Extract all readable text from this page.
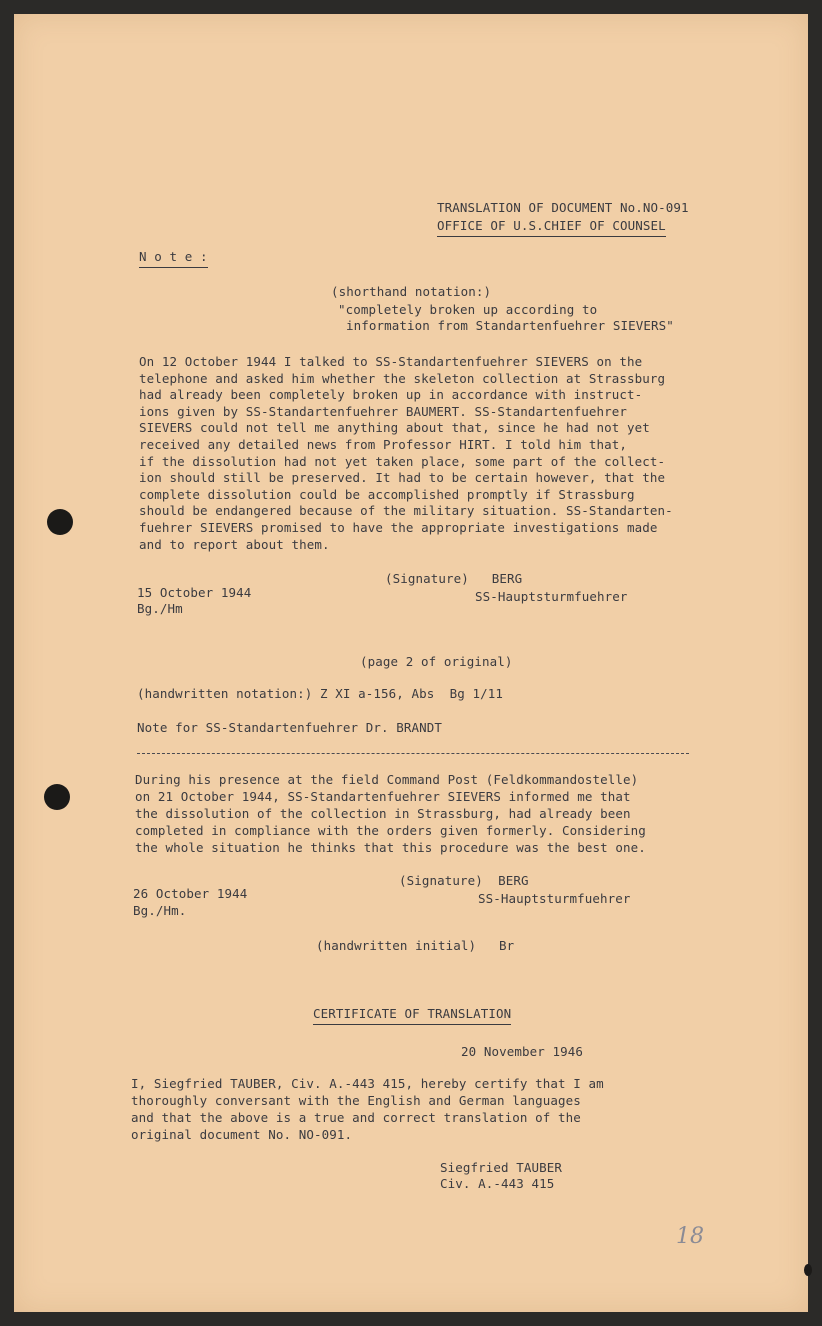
TRANSLATION OF DOCUMENT No.NO-091
OFFICE OF U.S.CHIEF OF COUNSEL
N o t e :
(shorthand notation:)
"completely broken up according to
information from Standartenfuehrer SIEVERS"
On 12 October 1944 I talked to SS-Standartenfuehrer SIEVERS on the
telephone and asked him whether the skeleton collection at Strassburg
had already been completely broken up in accordance with instruct-
ions given by SS-Standartenfuehrer BAUMERT. SS-Standartenfuehrer
SIEVERS could not tell me anything about that, since he had not yet
received any detailed news from Professor HIRT. I told him that,
if the dissolution had not yet taken place, some part of the collect-
ion should still be preserved. It had to be certain however, that the
complete dissolution could be accomplished promptly if Strassburg
should be endangered because of the military situation. SS-Standarten-
fuehrer SIEVERS promised to have the appropriate investigations made
and to report about them.
(Signature)   BERG
15 October 1944	SS-Hauptsturmfuehrer
Bg./Hm
(page 2 of original)
(handwritten notation:) Z XI a-156, Abs  Bg 1/11
Note for SS-Standartenfuehrer Dr. BRANDT
During his presence at the field Command Post (Feldkommandostelle)
on 21 October 1944, SS-Standartenfuehrer SIEVERS informed me that
the dissolution of the collection in Strassburg, had already been
completed in compliance with the orders given formerly. Considering
the whole situation he thinks that this procedure was the best one.
(Signature)  BERG
26 October 1944	SS-Hauptsturmfuehrer
Bg./Hm.
(handwritten initial)   Br
CERTIFICATE OF TRANSLATION
20 November 1946
I, Siegfried TAUBER, Civ. A.-443 415, hereby certify that I am
thoroughly conversant with the English and German languages
and that the above is a true and correct translation of the
original document No. NO-091.
Siegfried TAUBER
Civ. A.-443 415
18
